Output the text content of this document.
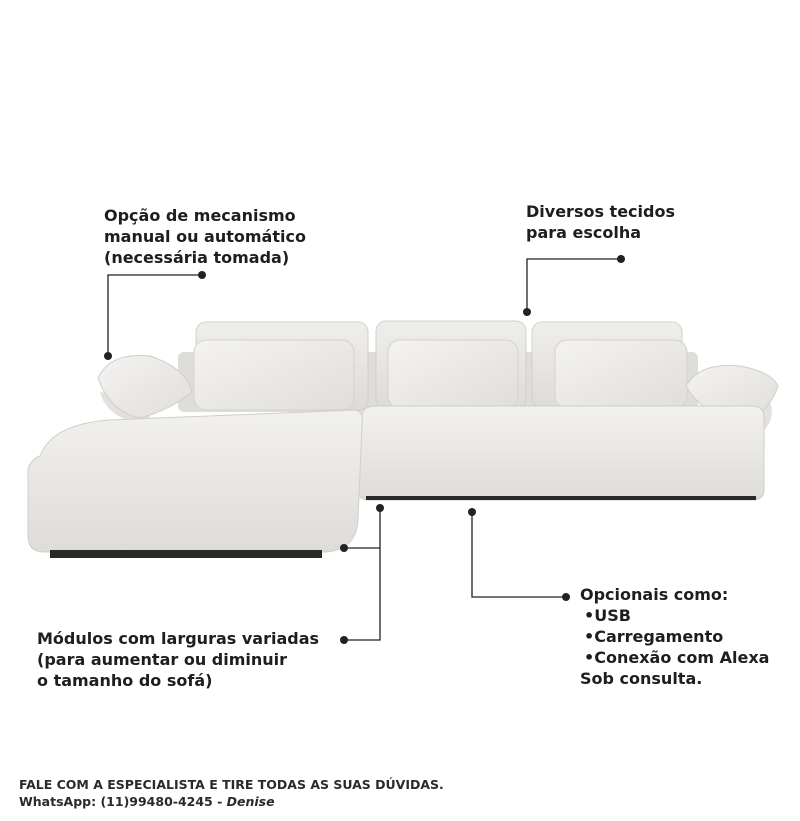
Opção de mecanismo
manual ou automático
(necessária tomada)
Diversos tecidos
para escolha
Módulos com larguras variadas
(para aumentar ou diminuir
o tamanho do sofá)
Opcionais como:
•USB
•Carregamento
•Conexão com Alexa
Sob consulta.
FALE COM A ESPECIALISTA E TIRE TODAS AS SUAS DÚVIDAS.
WhatsApp: (11)99480-4245 - Denise
